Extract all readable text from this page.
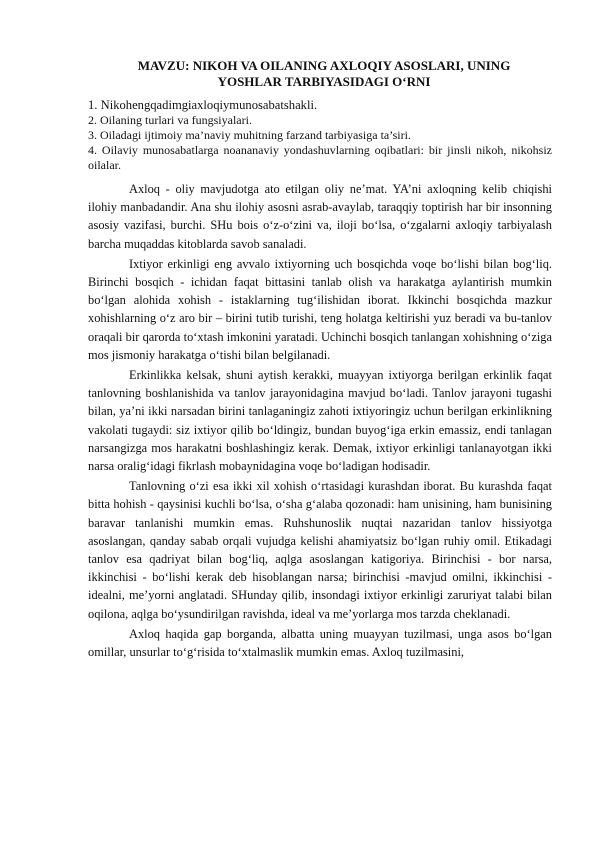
MAVZU: NIKOH VA OILANING AXLOQIY ASOSLARI, UNING
YOSHLAR TARBIYASIDAGI O‘RNI

1. Nikohengqadimgiaxloqiymunosabatshakli.

2. Oilaning turlari va fungsiyalari.

3. Oiladagi ijtimoiy ma’naviy muhitning farzand tarbiyasiga ta’siri.

4. Oilaviy munosabatlarga noananaviy yondashuvlarning oqibatlari: bir jinsli nikoh, nikohsiz oilalar.

Axloq - oliy mavjudotga ato etilgan oliy ne’mat. YA’ni axloqning kelib chiqishi ilohiy manbadandir. Ana shu ilohiy asosni asrab-avaylab, taraqqiy toptirish har bir insonning asosiy vazifasi, burchi. SHu bois o‘z-o‘zini va, iloji bo‘lsa, o‘zgalarni axloqiy tarbiyalash barcha muqaddas kitoblarda savob sanaladi.

Ixtiyor erkinligi eng avvalo ixtiyorning uch bosqichda voqe bo‘lishi bilan bog‘liq. Birinchi bosqich - ichidan faqat bittasini tanlab olish va harakatga aylantirish mumkin bo‘lgan alohida xohish - istaklarning tug‘ilishidan iborat. Ikkinchi bosqichda mazkur xohishlarning o‘z aro bir – birini tutib turishi, teng holatga keltirishi yuz beradi va bu-tanlov oraqali bir qarorda to‘xtash imkonini yaratadi. Uchinchi bosqich tanlangan xohishning o‘ziga mos jismoniy harakatga o‘tishi bilan belgilanadi.

Erkinlikka kelsak, shuni aytish kerakki, muayyan ixtiyorga berilgan erkinlik faqat tanlovning boshlanishida va tanlov jarayonidagina mavjud bo‘ladi. Tanlov jarayoni tugashi bilan, ya’ni ikki narsadan birini tanlaganingiz zahoti ixtiyoringiz uchun berilgan erkinlikning vakolati tugaydi: siz ixtiyor qilib bo‘ldingiz, bundan buyog‘iga erkin emassiz, endi tanlagan narsangizga mos harakatni boshlashingiz kerak. Demak, ixtiyor erkinligi tanlanayotgan ikki narsa oralig‘idagi fikrlash mobaynidagina voqe bo‘ladigan hodisadir.

Tanlovning o‘zi esa ikki xil xohish o‘rtasidagi kurashdan iborat. Bu kurashda faqat bitta hohish - qaysinisi kuchli bo‘lsa, o‘sha g‘alaba qozonadi: ham unisining, ham bunisining baravar tanlanishi mumkin emas. Ruhshunoslik nuqtai nazaridan tanlov hissiyotga asoslangan, qanday sabab orqali vujudga kelishi ahamiyatsiz bo‘lgan ruhiy omil. Etikadagi tanlov esa qadriyat bilan bog‘liq, aqlga asoslangan katigoriya. Birinchisi - bor narsa, ikkinchisi - bo‘lishi kerak deb hisoblangan narsa; birinchisi -mavjud omilni, ikkinchisi - idealni, me’yorni anglatadi. SHunday qilib, insondagi ixtiyor erkinligi zaruriyat talabi bilan oqilona, aqlga bo‘ysundirilgan ravishda, ideal va me’yorlarga mos tarzda cheklanadi.

Axloq haqida gap borganda, albatta uning muayyan tuzilmasi, unga asos bo‘lgan omillar, unsurlar to‘g‘risida to‘xtalmaslik mumkin emas. Axloq tuzilmasini,
